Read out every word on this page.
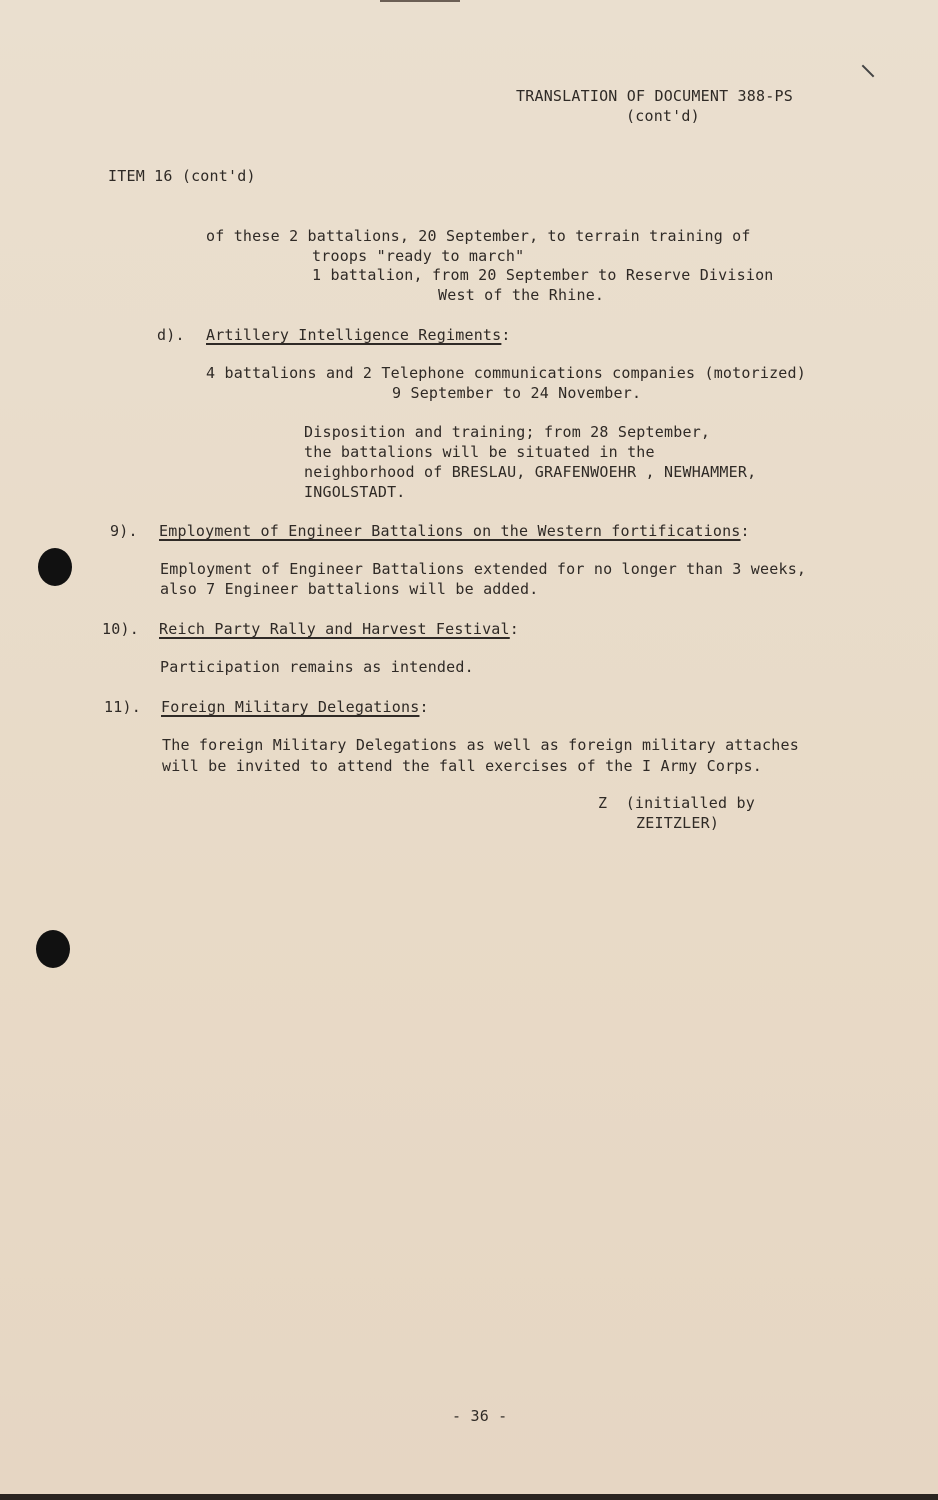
TRANSLATION OF DOCUMENT 388-PS
(cont'd)
ITEM 16 (cont'd)
of these 2 battalions, 20 September, to terrain training of
troops "ready to march"
1 battalion, from 20 September to Reserve Division
West of the Rhine.
d). Artillery Intelligence Regiments:
4 battalions and 2 Telephone communications companies (motorized)
9 September to 24 November.
Disposition and training; from 28 September,
the battalions will be situated in the
neighborhood of BRESLAU, GRAFENWOEHR , NEWHAMMER,
INGOLSTADT.
9). Employment of Engineer Battalions on the Western fortifications:
Employment of Engineer Battalions extended for no longer than 3 weeks,
also 7 Engineer battalions will be added.
10). Reich Party Rally and Harvest Festival:
Participation remains as intended.
11). Foreign Military Delegations:
The foreign Military Delegations as well as foreign military attaches
will be invited to attend the fall exercises of the I Army Corps.
Z  (initialled by
ZEITZLER)
- 36 -
